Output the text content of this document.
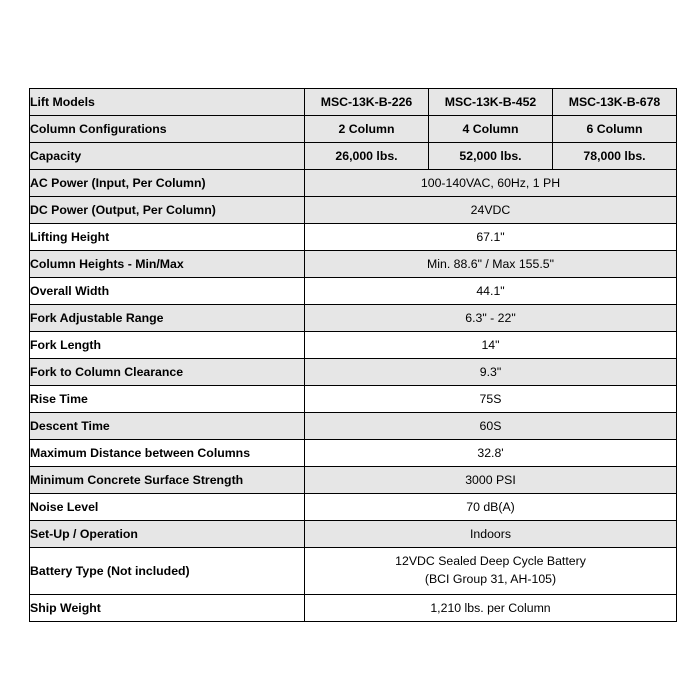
Lift Models	MSC-13K-B-226	MSC-13K-B-452	MSC-13K-B-678
Column Configurations	2 Column	4 Column	6 Column
Capacity	26,000 lbs.	52,000 lbs.	78,000 lbs.
AC Power (Input, Per Column)	100-140VAC, 60Hz, 1 PH		
DC Power (Output, Per Column)	24VDC		
Lifting Height	67.1"		
Column Heights - Min/Max	Min. 88.6" / Max 155.5"		
Overall Width	44.1"		
Fork Adjustable Range	6.3" - 22"		
Fork Length	14"		
Fork to Column Clearance	9.3"		
Rise Time	75S		
Descent Time	60S		
Maximum Distance between Columns	32.8'		
Minimum Concrete Surface Strength	3000 PSI		
Noise Level	70 dB(A)		
Set-Up / Operation	Indoors		
Battery Type (Not included)	12VDC Sealed Deep Cycle Battery
(BCI Group 31, AH-105)		

Ship Weight	1,210 lbs. per Column		
